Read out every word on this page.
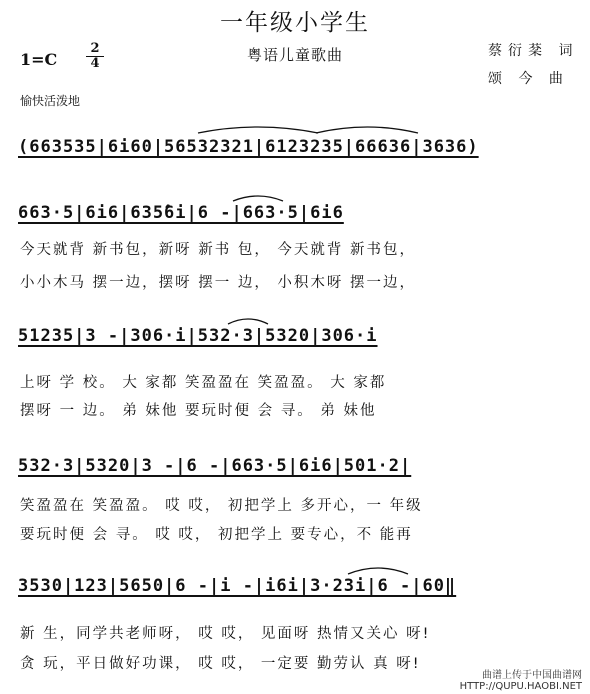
一年级小学生
粤语儿童歌曲
1=C
2
4
愉快活泼地
蔡衍棻 词
颂 今 曲
(663535|6i60|56532321|6123235|66636|3636)
663·5|6i6|635̂6i|6 -|663·5|6i6
今天就背 新书包，新呀 新书 包， 今天就背 新书包，
小小木马 摆一边，摆呀 摆一 边， 小积木呀 摆一边，
51235|3 -|306·i|532·3|5320|306·i
上呀 学 校。 大 家都 笑盈盈在 笑盈盈。 大 家都
摆呀 一 边。 弟 妹他 要玩时便 会 寻。 弟 妹他
532·3|5320|3 -|6 -|663·5|6i6|501·2|
笑盈盈在 笑盈盈。 哎 哎， 初把学上 多开心，一 年级
要玩时便 会 寻。 哎 哎， 初把学上 要专心，不 能再
3530|123|5650|6 -|i -|i6i|3·23i|6 -|60‖
新 生，同学共老师呀， 哎 哎， 见面呀 热情又关心 呀!
贪 玩，平日做好功课， 哎 哎， 一定要 勤劳认 真 呀!
曲谱上传于中国曲谱网
HTTP://QUPU.HAOBI.NET
